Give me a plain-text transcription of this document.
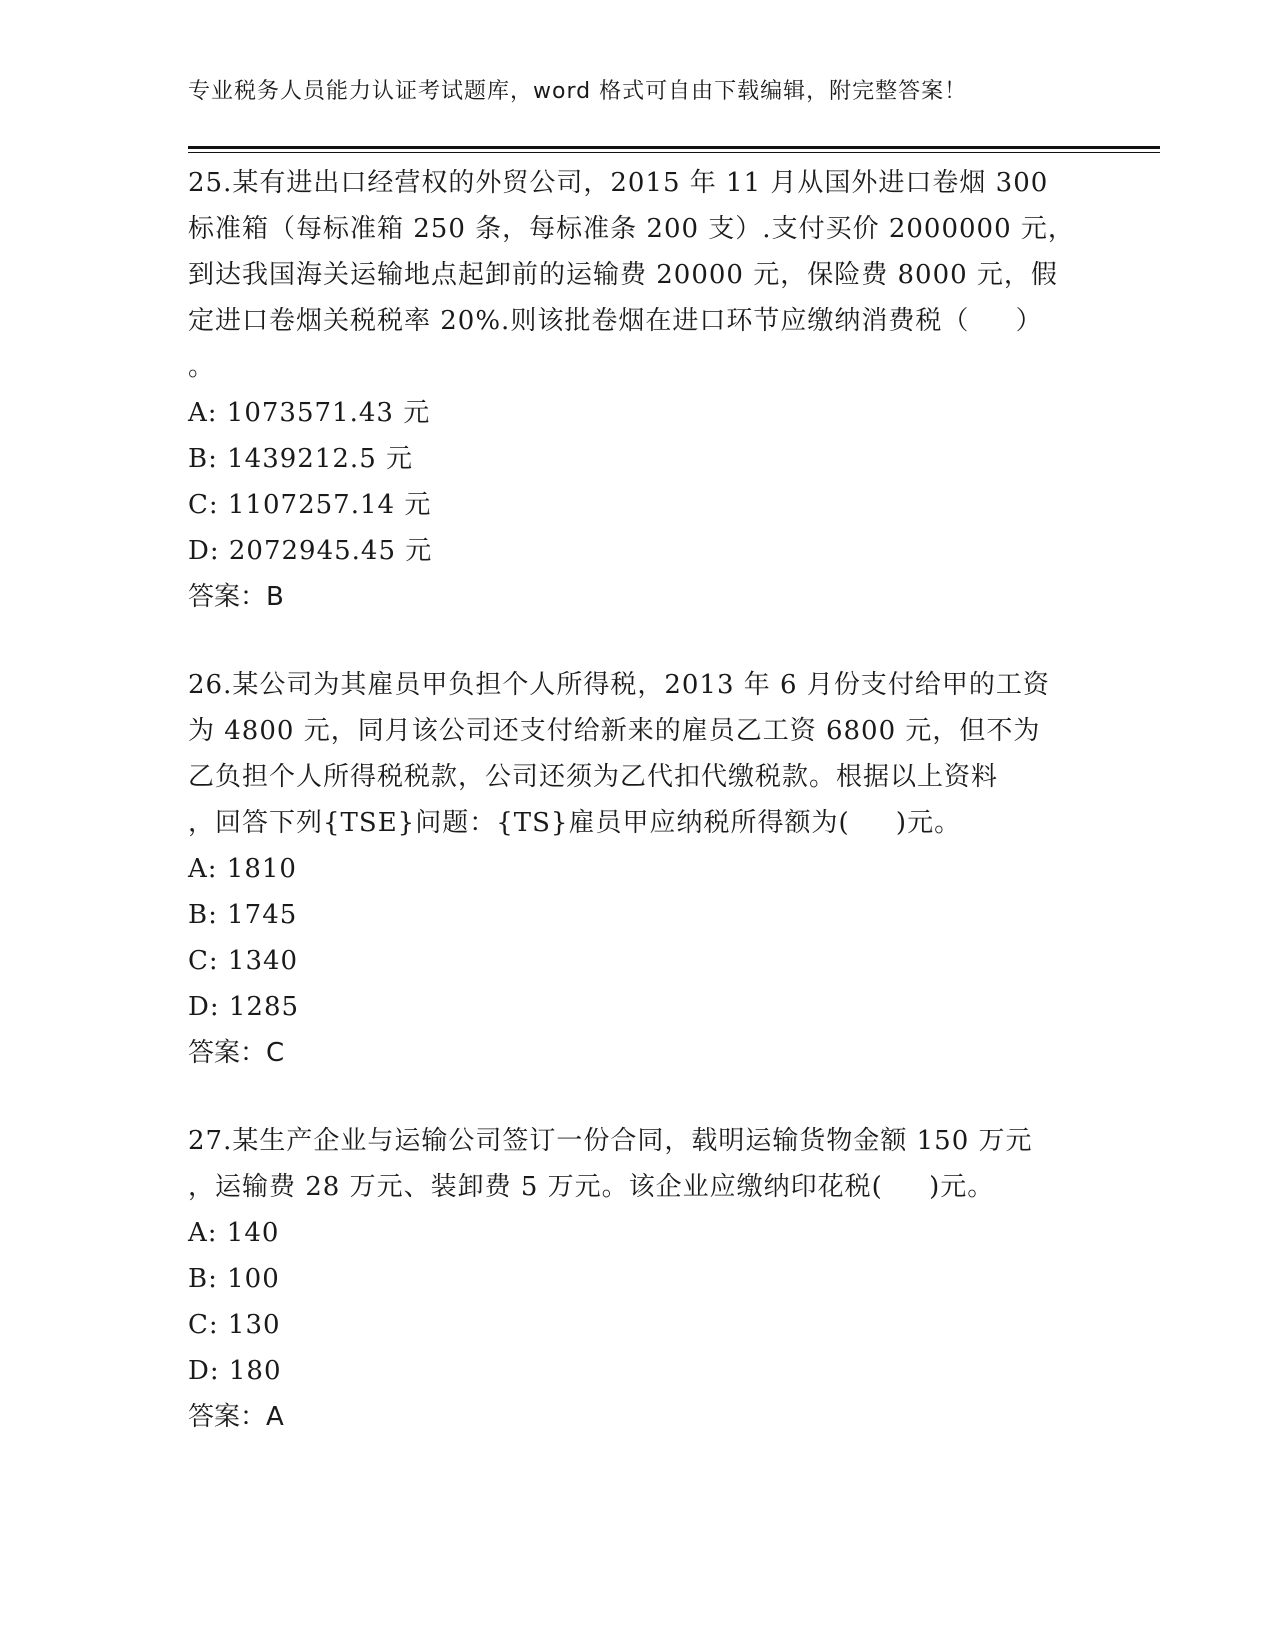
专业税务人员能力认证考试题库，word 格式可自由下载编辑，附完整答案！

25.某有进出口经营权的外贸公司，2015 年 11 月从国外进口卷烟 300

标准箱（每标准箱 250 条，每标准条 200 支）.支付买价 2000000 元，

到达我国海关运输地点起卸前的运输费 20000 元，保险费 8000 元，假

定进口卷烟关税税率 20%.则该批卷烟在进口环节应缴纳消费税（     ）

。

A: 1073571.43 元

B: 1439212.5 元

C: 1107257.14 元

D: 2072945.45 元

答案：B

26.某公司为其雇员甲负担个人所得税，2013 年 6 月份支付给甲的工资

为 4800 元，同月该公司还支付给新来的雇员乙工资 6800 元，但不为

乙负担个人所得税税款，公司还须为乙代扣代缴税款。根据以上资料

，回答下列{TSE}问题：{TS}雇员甲应纳税所得额为(     )元。

A: 1810

B: 1745

C: 1340

D: 1285

答案：C

27.某生产企业与运输公司签订一份合同，载明运输货物金额 150 万元

，运输费 28 万元、装卸费 5 万元。该企业应缴纳印花税(     )元。

A: 140

B: 100

C: 130

D: 180

答案：A
